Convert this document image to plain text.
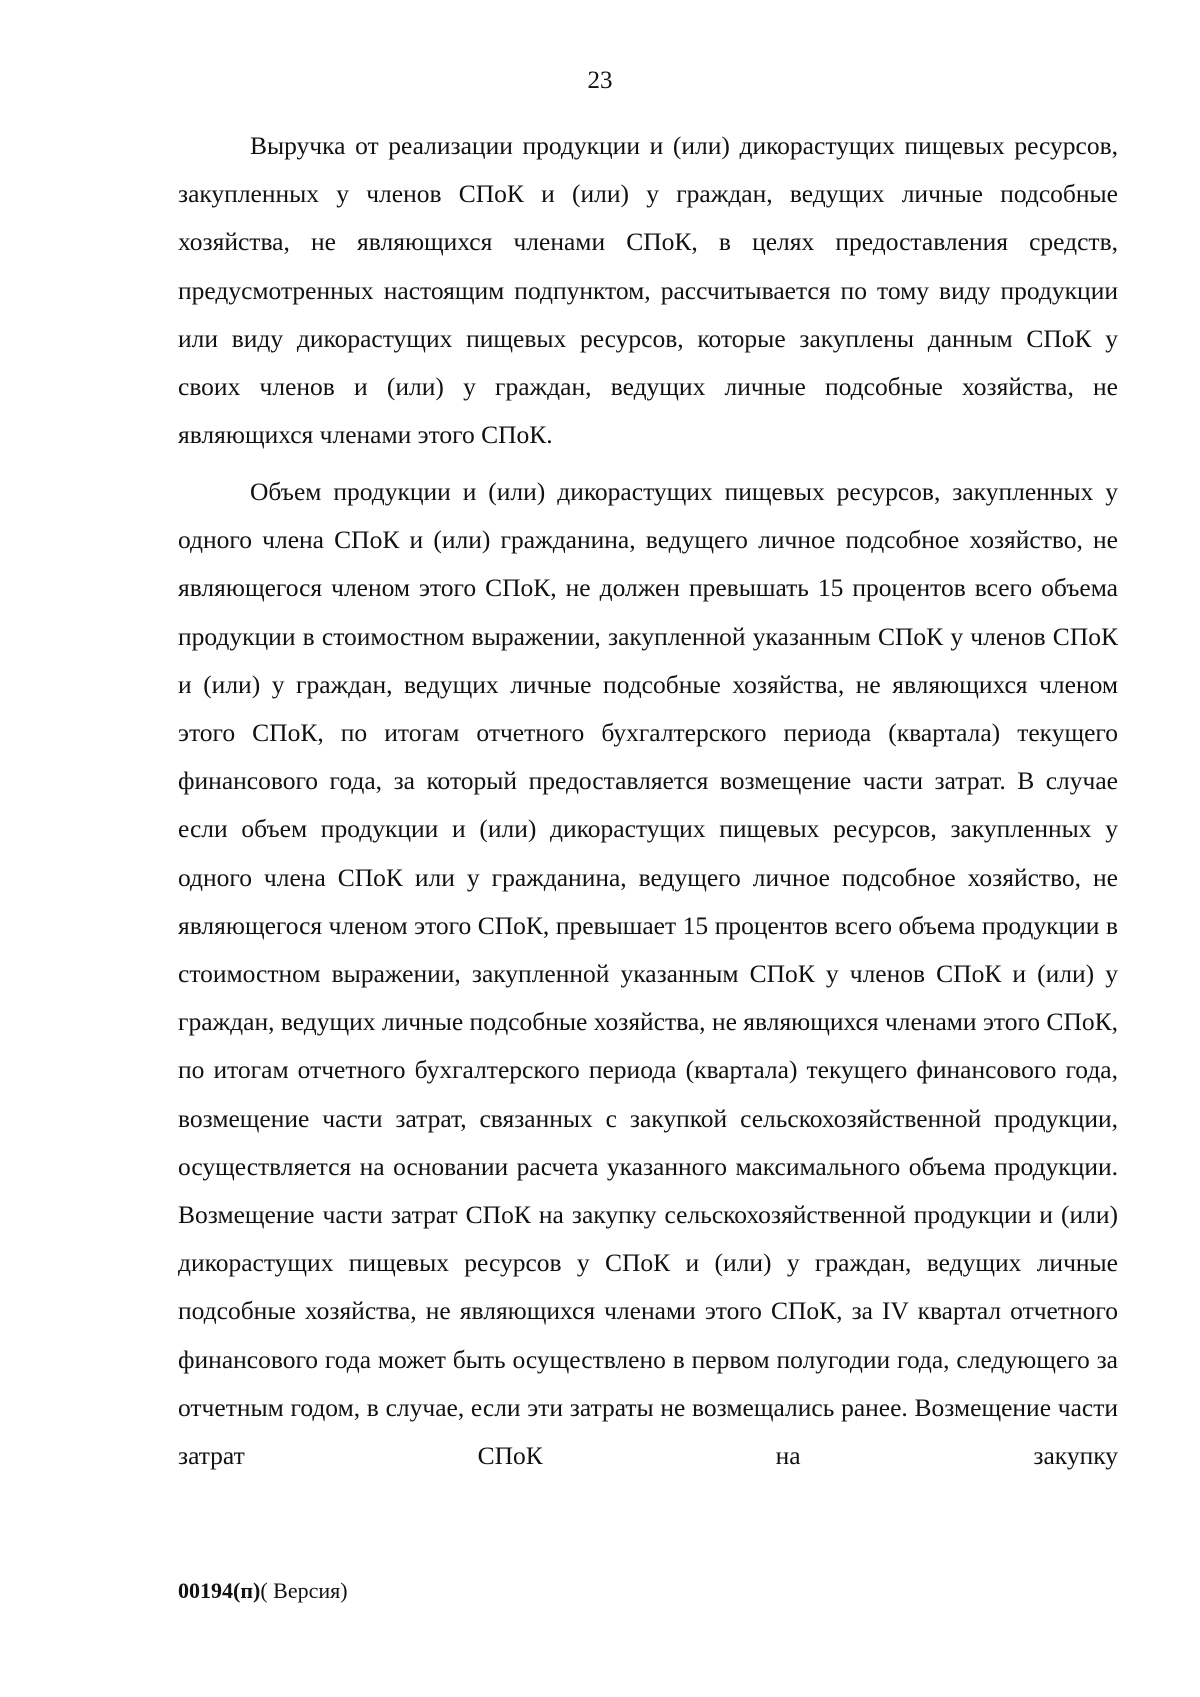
23

Выручка от реализации продукции и (или) дикорастущих пищевых ресурсов, закупленных у членов СПоК и (или) у граждан, ведущих личные подсобные хозяйства, не являющихся членами СПоК, в целях предоставления средств, предусмотренных настоящим подпунктом, рассчитывается по тому виду продукции или виду дикорастущих пищевых ресурсов, которые закуплены данным СПоК у своих членов и (или) у граждан, ведущих личные подсобные хозяйства, не являющихся членами этого СПоК.

Объем продукции и (или) дикорастущих пищевых ресурсов, закупленных у одного члена СПоК и (или) гражданина, ведущего личное подсобное хозяйство, не являющегося членом этого СПоК, не должен превышать 15 процентов всего объема продукции в стоимостном выражении, закупленной указанным СПоК у членов СПоК и (или) у граждан, ведущих личные подсобные хозяйства, не являющихся членом этого СПоК, по итогам отчетного бухгалтерского периода (квартала) текущего финансового года, за который предоставляется возмещение части затрат. В случае если объем продукции и (или) дикорастущих пищевых ресурсов, закупленных у одного члена СПоК или у гражданина, ведущего личное подсобное хозяйство, не являющегося членом этого СПоК, превышает 15 процентов всего объема продукции в стоимостном выражении, закупленной указанным СПоК у членов СПоК и (или) у граждан, ведущих личные подсобные хозяйства, не являющихся членами этого СПоК, по итогам отчетного бухгалтерского периода (квартала) текущего финансового года, возмещение части затрат, связанных с закупкой сельскохозяйственной продукции, осуществляется на основании расчета указанного максимального объема продукции. Возмещение части затрат СПоК на закупку сельскохозяйственной продукции и (или) дикорастущих пищевых ресурсов у СПоК и (или) у граждан, ведущих личные подсобные хозяйства, не являющихся членами этого СПоК, за IV квартал отчетного финансового года может быть осуществлено в первом полугодии года, следующего за отчетным годом, в случае, если эти затраты не возмещались ранее. Возмещение части затрат СПоК на закупку

00194(п)( Версия)
